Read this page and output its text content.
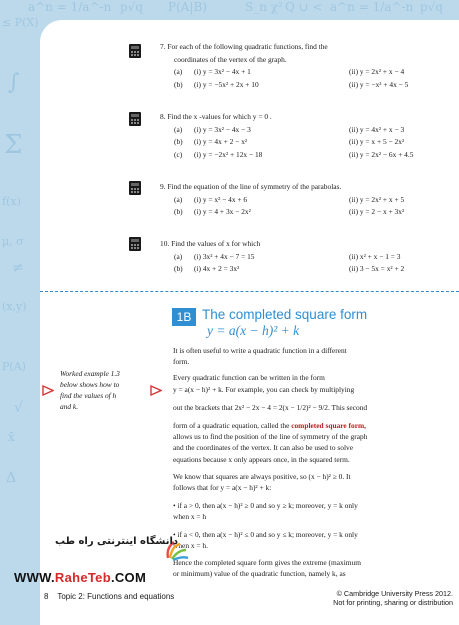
a^n = 1/a^-n p√q P(A|B)	S_n χ² Q ∪ <
≤ P(X)
a^n = 1/a^-n p√q
Σ
∫
f(x)
μ, σ
(x,y)
P(A)
x̄
Δ
≠
√

7. For each of the following quadratic functions, find the

coordinates of the vertex of the graph.

(a)	(i) y = 3x² − 4x + 1	(ii) y = 2x² + x − 4
(b)	(i) y = −5x² + 2x + 10	(ii) y = −x² + 4x − 5

8. Find the x -values for which y = 0 .

(a)	(i) y = 3x² − 4x − 3	(ii) y = 4x² + x − 3
(b)	(i) y = 4x + 2 − x²	(ii) y = x + 5 − 2x²
(c)	(i) y = −2x² + 12x − 18	(ii) y = 2x² − 6x + 4.5

9. Find the equation of the line of symmetry of the parabolas.

(a)	(i) y = x² − 4x + 6	(ii) y = 2x² + x + 5
(b)	(i) y = 4 + 3x − 2x²	(ii) y = 2 − x + 3x²

10. Find the values of x for which

(a)	(i) 3x² + 4x − 7 = 15	(ii) x² + x − 1 = 3
(b)	(i) 4x + 2 = 3x²	(ii) 3 − 5x = x² + 2
1B The completed square form
y = a(x − h)² + k
Worked example 1.3
below shows how to
find the values of h
and k.

It is often useful to write a quadratic function in a different

form.

Every quadratic function can be written in the form

y = a(x − h)² + k. For example, you can check by multiplying

out the brackets that 2x² − 2x − 4 = 2(x − 1/2)² − 9/2. This second

form of a quadratic equation, called the completed square form,

allows us to find the position of the line of symmetry of the graph

and the coordinates of the vertex. It can also be used to solve

equations because x only appears once, in the squared term.

We know that squares are always positive, so (x − h)² ≥ 0. It

follows that for y = a(x − h)² + k:

• if a > 0, then a(x − h)² ≥ 0 and so y ≥ k; moreover, y = k only

when x = h

• if a < 0, then a(x − h)² ≤ 0 and so y ≤ k; moreover, y = k only

when x = h.

Hence the completed square form gives the extreme (maximum

or minimum) value of the quadratic function, namely k, as

دانشگاه اینترنتی راه طب
WWW.RaheTeb.COM
8 Topic 2: Functions and equations	© Cambridge University Press 2012.
Not for printing, sharing or distribution
